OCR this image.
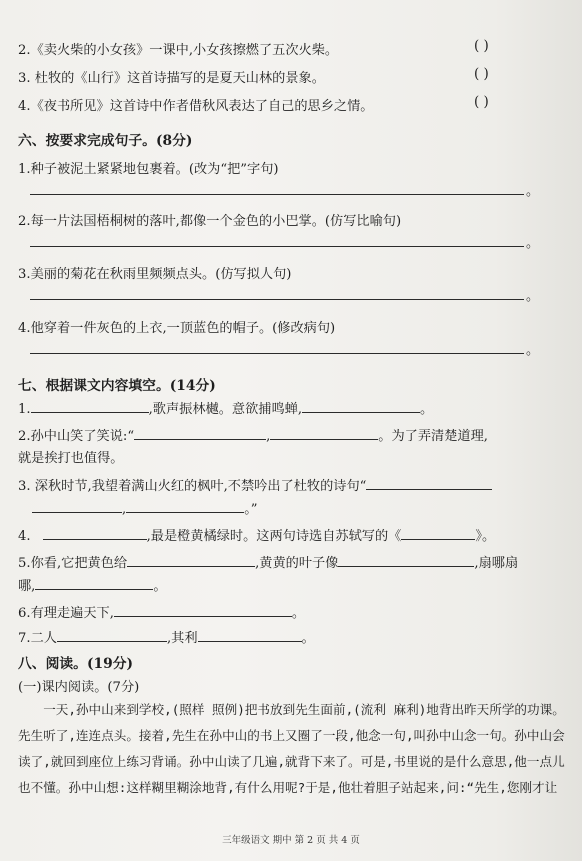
2.《卖火柴的小女孩》一课中,小女孩擦燃了五次火柴。	( )
3. 杜牧的《山行》这首诗描写的是夏天山林的景象。	( )
4.《夜书所见》这首诗中作者借秋风表达了自己的思乡之情。	( )
六、按要求完成句子。(8分)
1.种子被泥土紧紧地包裹着。(改为“把”字句)
。
2.每一片法国梧桐树的落叶,都像一个金色的小巴掌。(仿写比喻句)
。
3.美丽的菊花在秋雨里频频点头。(仿写拟人句)
。
4.他穿着一件灰色的上衣,一顶蓝色的帽子。(修改病句)
。
七、根据课文内容填空。(14分)
1.	,歌声振林樾。意欲捕鸣蝉,	。
2.孙中山笑了笑说:“	,	。为了弄清楚道理,
就是挨打也值得。
3. 深秋时节,我望着满山火红的枫叶,不禁吟出了杜牧的诗句“
,	。”
4.	,最是橙黄橘绿时。这两句诗选自苏轼写的《	》。
5.你看,它把黄色给	,黄黄的叶子像	,扇哪扇
哪,	。
6.有理走遍天下,	。
7.二人	,其利	。
八、阅读。(19分)
(一)课内阅读。(7分)
一天,孙中山来到学校,(照样 照例)把书放到先生面前,(流利 麻利)地背出昨天所学的功课。先生听了,连连点头。接着,先生在孙中山的书上又圈了一段,他念一句,叫孙中山念一句。孙中山会读了,就回到座位上练习背诵。孙中山读了几遍,就背下来了。可是,书里说的是什么意思,他一点儿也不懂。孙中山想:这样糊里糊涂地背,有什么用呢?于是,他壮着胆子站起来,问:“先生,您刚才让
三年级语文 期中 第 2 页 共 4 页
